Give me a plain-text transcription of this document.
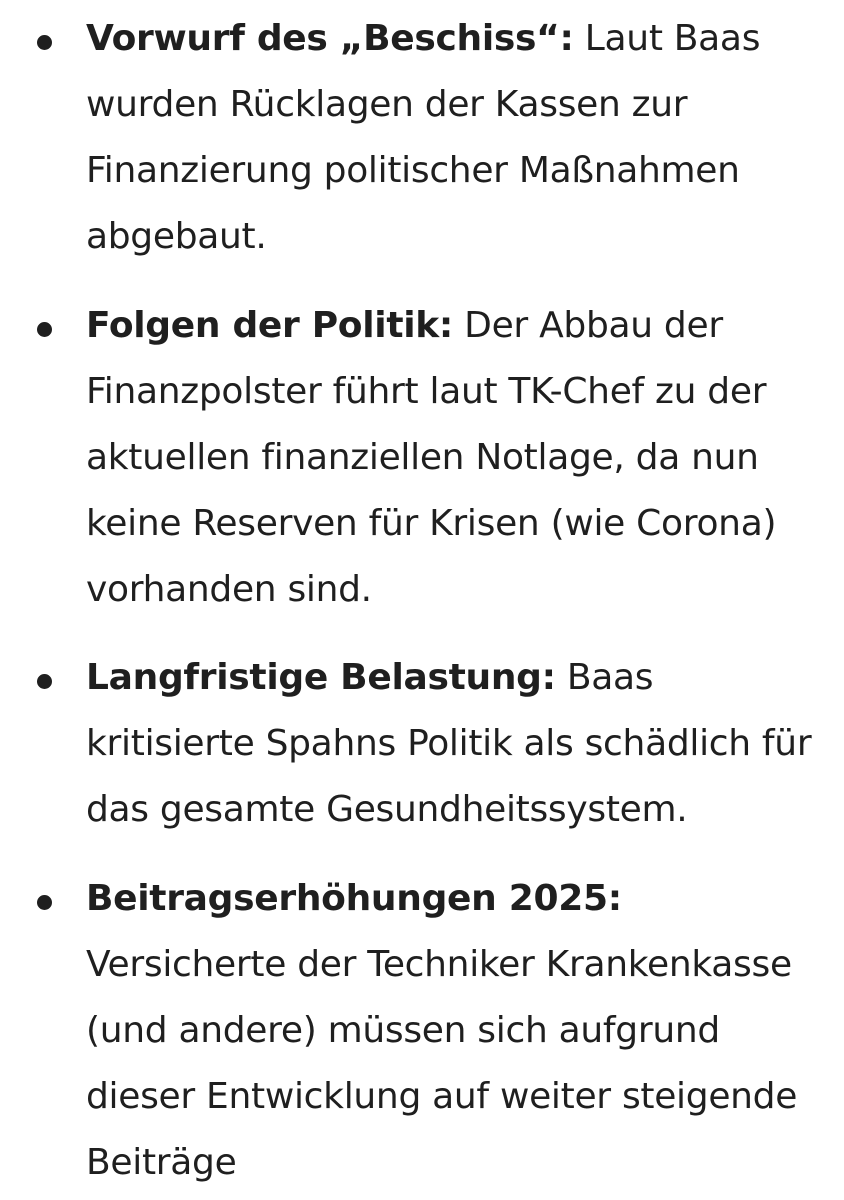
Vorwurf des „Beschiss“: Laut Baas wurden Rücklagen der Kassen zur Finanzierung politischer Maßnahmen abgebaut.

Folgen der Politik: Der Abbau der Finanzpolster führt laut TK-Chef zu der aktuellen finanziellen Notlage, da nun keine Reserven für Krisen (wie Corona) vorhanden sind.

Langfristige Belastung: Baas kritisierte Spahns Politik als schädlich für das gesamte Gesundheitssystem.

Beitragserhöhungen 2025: Versicherte der Techniker Krankenkasse (und andere) müssen sich aufgrund dieser Entwicklung auf weiter steigende Beiträge
